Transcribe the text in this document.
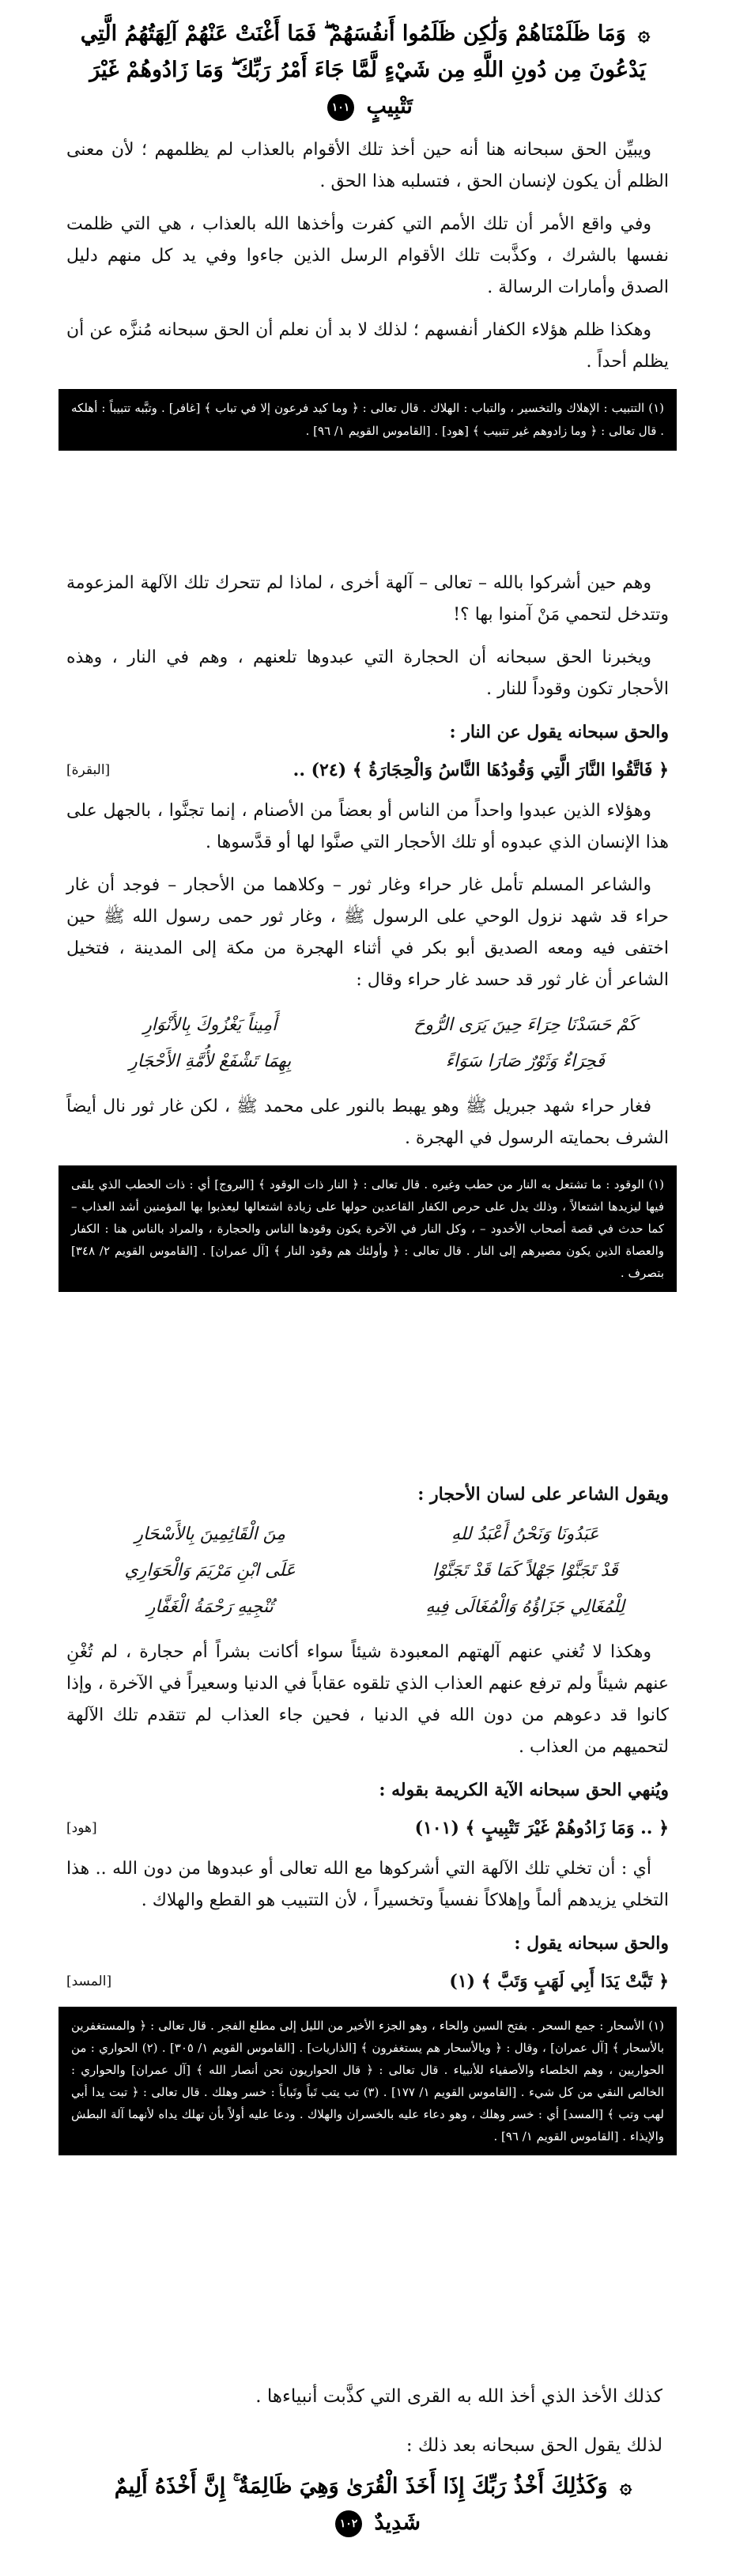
۞ وَمَا ظَلَمْنَاهُمْ وَلَٰكِن ظَلَمُوا أَنفُسَهُمْ ۖ فَمَا أَغْنَتْ عَنْهُمْ آلِهَتُهُمُ الَّتِي يَدْعُونَ مِن دُونِ اللَّهِ مِن شَيْءٍ لَّمَّا جَاءَ أَمْرُ رَبِّكَ ۖ وَمَا زَادُوهُمْ غَيْرَ تَتْبِيبٍ ١٠١

ويبيِّن الحق سبحانه هنا أنه حين أخذ تلك الأقوام بالعذاب لم يظلمهم ؛ لأن معنى الظلم أن يكون لإنسان الحق ، فتسلبه هذا الحق .

وفي واقع الأمر أن تلك الأمم التي كفرت وأخذها الله بالعذاب ، هي التي ظلمت نفسها بالشرك ، وكذَّبت تلك الأقوام الرسل الذين جاءوا وفي يد كل منهم دليل الصدق وأمارات الرسالة .

وهكذا ظلم هؤلاء الكفار أنفسهم ؛ لذلك لا بد أن نعلم أن الحق سبحانه مُنزَّه عن أن يظلم أحداً .

(١) التتبيب : الإهلاك والتخسير ، والتباب : الهلاك . قال تعالى : ﴿ وما كيد فرعون إلا في تباب ﴾ [غافر] . وتبَّبه تتبيباً : أهلكه . قال تعالى : ﴿ وما زادوهم غير تتبيب ﴾ [هود] . [القاموس القويم ١/ ٩٦] .

وهم حين أشركوا بالله – تعالى – آلهة أخرى ، لماذا لم تتحرك تلك الآلهة المزعومة وتتدخل لتحمي مَنْ آمنوا بها ؟!

ويخبرنا الحق سبحانه أن الحجارة التي عبدوها تلعنهم ، وهم في النار ، وهذه الأحجار تكون وقوداً للنار .

والحق سبحانه يقول عن النار :
﴿ فَاتَّقُوا النَّارَ الَّتِي وَقُودُهَا النَّاسُ وَالْحِجَارَةُ ﴾ (٢٤) ..
[البقرة]

وهؤلاء الذين عبدوا واحداً من الناس أو بعضاً من الأصنام ، إنما تجنَّوا ، بالجهل على هذا الإنسان الذي عبدوه أو تلك الأحجار التي صنَّوا لها أو قدَّسوها .

والشاعر المسلم تأمل غار حراء وغار ثور – وكلاهما من الأحجار – فوجد أن غار حراء قد شهد نزول الوحي على الرسول ﷺ ، وغار ثور حمى رسول الله ﷺ حين اختفى فيه ومعه الصديق أبو بكر في أثناء الهجرة من مكة إلى المدينة ، فتخيل الشاعر أن غار ثور قد حسد غار حراء وقال :

كَمْ حَسَدْنَا حِرَاءَ حِينَ يَرَى الرُّوحَ
أَمِيناً يَغْزُوكَ بِالأَنْوَارِ
فَحِرَاءٌ وَثَوْرٌ صَارَا سَوَاءً
بِهِمَا تَشْفَعْ لأُمَّةِ الأَحْجَارِ

فغار حراء شهد جبريل ﷺ وهو يهبط بالنور على محمد ﷺ ، لكن غار ثور نال أيضاً الشرف بحمايته الرسول في الهجرة .

(١) الوقود : ما تشتعل به النار من حطب وغيره . قال تعالى : ﴿ النار ذات الوقود ﴾ [البروج] أي : ذات الحطب الذي يلقى فيها ليزيدها اشتعالاً ، وذلك يدل على حرص الكفار القاعدين حولها على زيادة اشتعالها ليعذبوا بها المؤمنين أشد العذاب – كما حدث في قصة أصحاب الأخدود – ، وكل النار في الآخرة يكون وقودها الناس والحجارة ، والمراد بالناس هنا : الكفار والعصاة الذين يكون مصيرهم إلى النار . قال تعالى : ﴿ وأولئك هم وقود النار ﴾ [آل عمران] . [القاموس القويم ٢/ ٣٤٨] بتصرف .
ويقول الشاعر على لسان الأحجار :
عَبَدُونَا وَنَحْنُ أَعْبَدُ للهِ
مِنَ الْقَائِمِينَ بِالأَسْحَارِ
قَدْ تَجَنَّوْا جَهْلاً كَمَا قَدْ تَجَنَّوْا
عَلَى ابْنِ مَرْيَمَ وَالْحَوَارِي
لِلْمُغَالِي جَزَاؤُهُ وَالْمُغَالَى فِيهِ
تُنْجِيهِ رَحْمَةُ الْغَفَّارِ

وهكذا لا تُغني عنهم آلهتهم المعبودة شيئاً سواء أكانت بشراً أم حجارة ، لم تُغْنِ عنهم شيئاً ولم ترفع عنهم العذاب الذي تلقوه عقاباً في الدنيا وسعيراً في الآخرة ، وإذا كانوا قد دعوهم من دون الله في الدنيا ، فحين جاء العذاب لم تتقدم تلك الآلهة لتحميهم من العذاب .

ويُنهي الحق سبحانه الآية الكريمة بقوله :
﴿ .. وَمَا زَادُوهُمْ غَيْرَ تَتْبِيبٍ ﴾ (١٠١)
[هود]

أي : أن تخلي تلك الآلهة التي أشركوها مع الله تعالى أو عبدوها من دون الله .. هذا التخلي يزيدهم ألماً وإهلاكاً نفسياً وتخسيراً ، لأن التتبيب هو القطع والهلاك .

والحق سبحانه يقول :
﴿ تَبَّتْ يَدَا أَبِي لَهَبٍ وَتَبَّ ﴾ (١)
[المسد]
(١) الأسحار : جمع السحر . بفتح السين والحاء ، وهو الجزء الأخير من الليل إلى مطلع الفجر . قال تعالى : ﴿ والمستغفرين بالأسحار ﴾ [آل عمران] ، وقال : ﴿ وبالأسحار هم يستغفرون ﴾ [الذاريات] . [القاموس القويم ١/ ٣٠٥] . (٢) الحواري : من الحواريين ، وهم الخلصاء والأصفياء للأنبياء . قال تعالى : ﴿ قال الحواريون نحن أنصار الله ﴾ [آل عمران] والحواري : الخالص النقي من كل شيء . [القاموس القويم ١/ ١٧٧] . (٣) تب يتب تَباً وتَباباً : خسر وهلك . قال تعالى : ﴿ تبت يدا أبي لهب وتب ﴾ [المسد] أي : خسر وهلك ، وهو دعاء عليه بالخسران والهلاك . ودعا عليه أولاً بأن تهلك يداه لأنهما آلة البطش والإيذاء . [القاموس القويم ١/ ٩٦] .

كذلك الأخذ الذي أخذ الله به القرى التي كذَّبت أنبياءها .

لذلك يقول الحق سبحانه بعد ذلك :

۞ وَكَذَٰلِكَ أَخْذُ رَبِّكَ إِذَا أَخَذَ الْقُرَىٰ وَهِيَ ظَالِمَةٌ ۚ إِنَّ أَخْذَهُ أَلِيمٌ شَدِيدٌ ١٠٢
